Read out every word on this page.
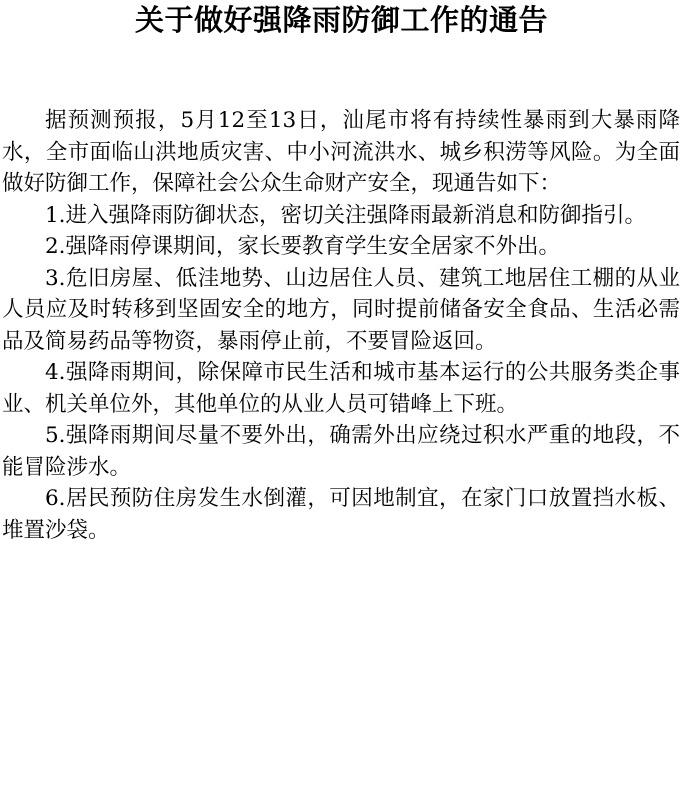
关于做好强降雨防御工作的通告

据预测预报，5月12至13日，汕尾市将有持续性暴雨到大暴雨降水，全市面临山洪地质灾害、中小河流洪水、城乡积涝等风险。为全面做好防御工作，保障社会公众生命财产安全，现通告如下：

1.进入强降雨防御状态，密切关注强降雨最新消息和防御指引。

2.强降雨停课期间，家长要教育学生安全居家不外出。

3.危旧房屋、低洼地势、山边居住人员、建筑工地居住工棚的从业人员应及时转移到坚固安全的地方，同时提前储备安全食品、生活必需品及简易药品等物资，暴雨停止前，不要冒险返回。

4.强降雨期间，除保障市民生活和城市基本运行的公共服务类企事业、机关单位外，其他单位的从业人员可错峰上下班。

5.强降雨期间尽量不要外出，确需外出应绕过积水严重的地段，不能冒险涉水。

6.居民预防住房发生水倒灌，可因地制宜，在家门口放置挡水板、堆置沙袋。
